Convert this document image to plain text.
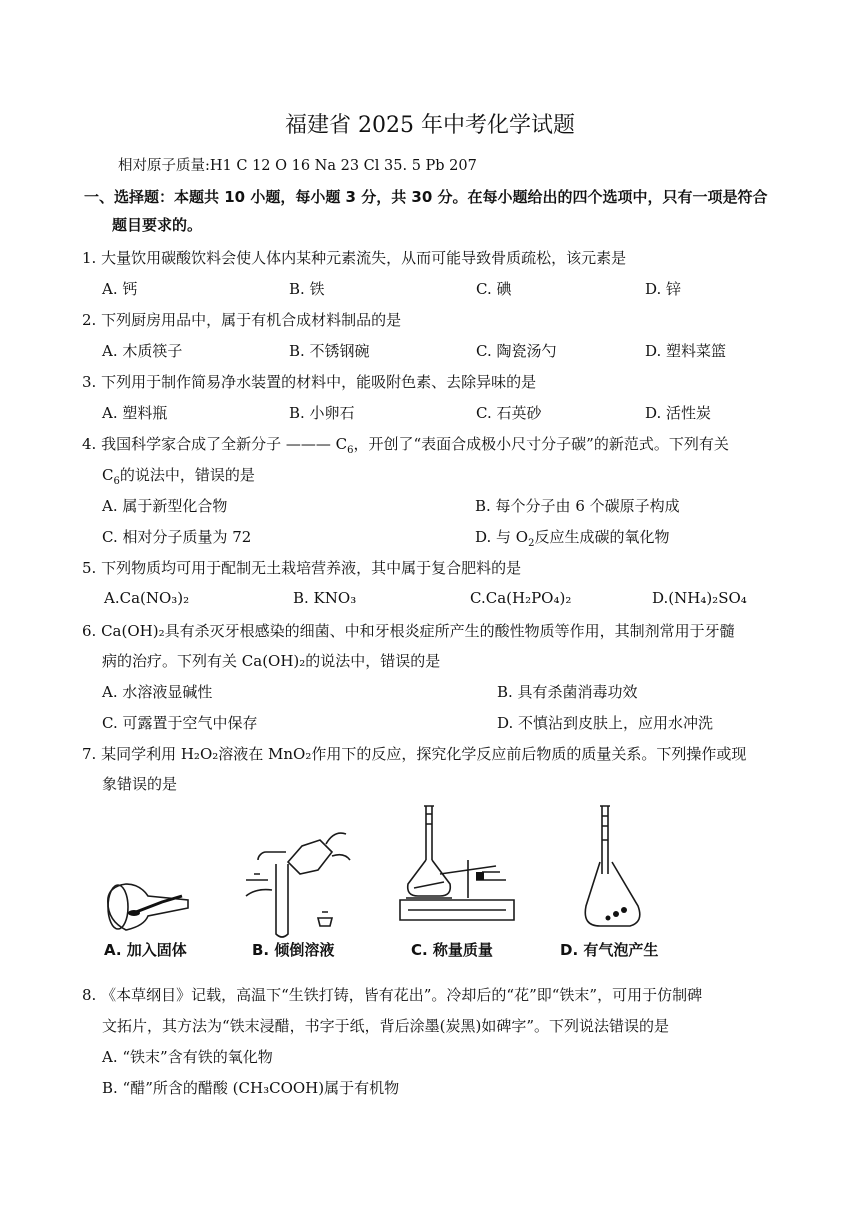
福建省 2025 年中考化学试题
相对原子质量:H1 C 12 O 16 Na 23 Cl 35. 5 Pb 207
一、选择题：本题共 10 小题，每小题 3 分，共 30 分。在每小题给出的四个选项中，只有一项是符合
题目要求的。
1. 大量饮用碳酸饮料会使人体内某种元素流失，从而可能导致骨质疏松，该元素是
A. 钙	B. 铁	C. 碘	D. 锌
2. 下列厨房用品中，属于有机合成材料制品的是
A. 木质筷子	B. 不锈钢碗	C. 陶瓷汤勺	D. 塑料菜篮
3. 下列用于制作简易净水装置的材料中，能吸附色素、去除异味的是
A. 塑料瓶	B. 小卵石	C. 石英砂	D. 活性炭
4. 我国科学家合成了全新分子 ——— $C_6$，开创了“表面合成极小尺寸分子碳”的新范式。下列有关
$C_6$的说法中，错误的是
A. 属于新型化合物	B. 每个分子由 6 个碳原子构成
C. 相对分子质量为 72	D. 与 $O_2$反应生成碳的氧化物
5. 下列物质均可用于配制无土栽培营养液，其中属于复合肥料的是
A.Ca(NO₃)₂	B. KNO₃	C.Ca(H₂PO₄)₂	D.(NH₄)₂SO₄
6. Ca(OH)₂具有杀灭牙根感染的细菌、中和牙根炎症所产生的酸性物质等作用，其制剂常用于牙髓
病的治疗。下列有关 Ca(OH)₂的说法中，错误的是
A. 水溶液显碱性	B. 具有杀菌消毒功效
C. 可露置于空气中保存	D. 不慎沾到皮肤上，应用水冲洗
7. 某同学利用 H₂O₂溶液在 MnO₂作用下的反应，探究化学反应前后物质的质量关系。下列操作或现
象错误的是
A. 加入固体	B. 倾倒溶液	C. 称量质量	D. 有气泡产生
8. 《本草纲目》记载，高温下“生铁打铸，皆有花出”。冷却后的“花”即“铁末”，可用于仿制碑
文拓片，其方法为“铁末浸醋，书字于纸，背后涂墨(炭黑)如碑字”。下列说法错误的是
A. “铁末”含有铁的氧化物
B. “醋”所含的醋酸 (CH₃COOH)属于有机物
